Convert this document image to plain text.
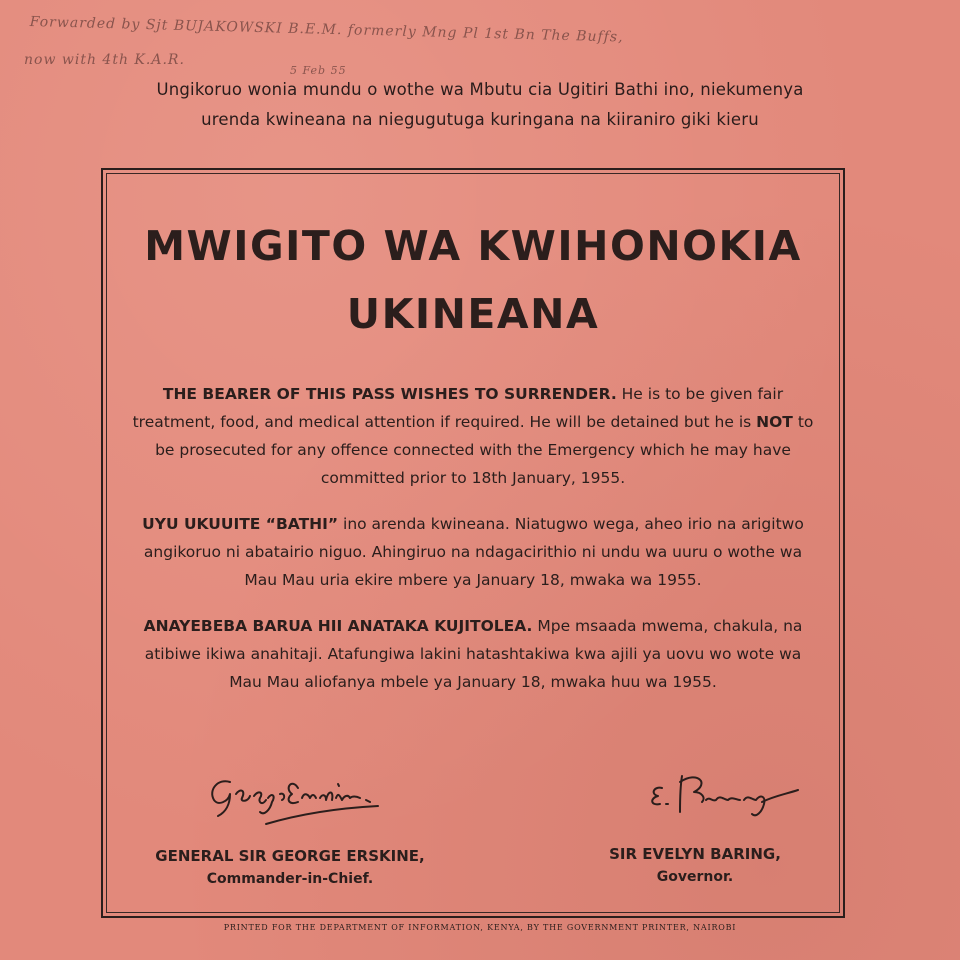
Forwarded by Sjt BUJAKOWSKI B.E.M. formerly Mng Pl 1st Bn The Buffs,
now with 4th K.A.R.
5 Feb 55
Ungikoruo wonia mundu o wothe wa Mbutu cia Ugitiri Bathi ino, niekumenya
urenda kwineana na niegugutuga kuringana na kiiraniro giki kieru
MWIGITO WA KWIHONOKIA
UKINEANA
THE BEARER OF THIS PASS WISHES TO SURRENDER. He is to be given fair treatment, food, and medical attention if required. He will be detained but he is NOT to be prosecuted for any offence connected with the Emergency which he may have committed prior to 18th January, 1955.
UYU UKUUITE “BATHI” ino arenda kwineana. Niatugwo wega, aheo irio na arigitwo angikoruo ni abatairio niguo. Ahingiruo na ndagacirithio ni undu wa uuru o wothe wa Mau Mau uria ekire mbere ya January 18, mwaka wa 1955.
ANAYEBEBA BARUA HII ANATAKA KUJITOLEA. Mpe msaada mwema, chakula, na atibiwe ikiwa anahitaji. Atafungiwa lakini hatashtakiwa kwa ajili ya uovu wo wote wa Mau Mau aliofanya mbele ya January 18, mwaka huu wa 1955.
GENERAL SIR GEORGE ERSKINE,
Commander-in-Chief.
SIR EVELYN BARING,
Governor.
PRINTED FOR THE DEPARTMENT OF INFORMATION, KENYA, BY THE GOVERNMENT PRINTER, NAIROBI
